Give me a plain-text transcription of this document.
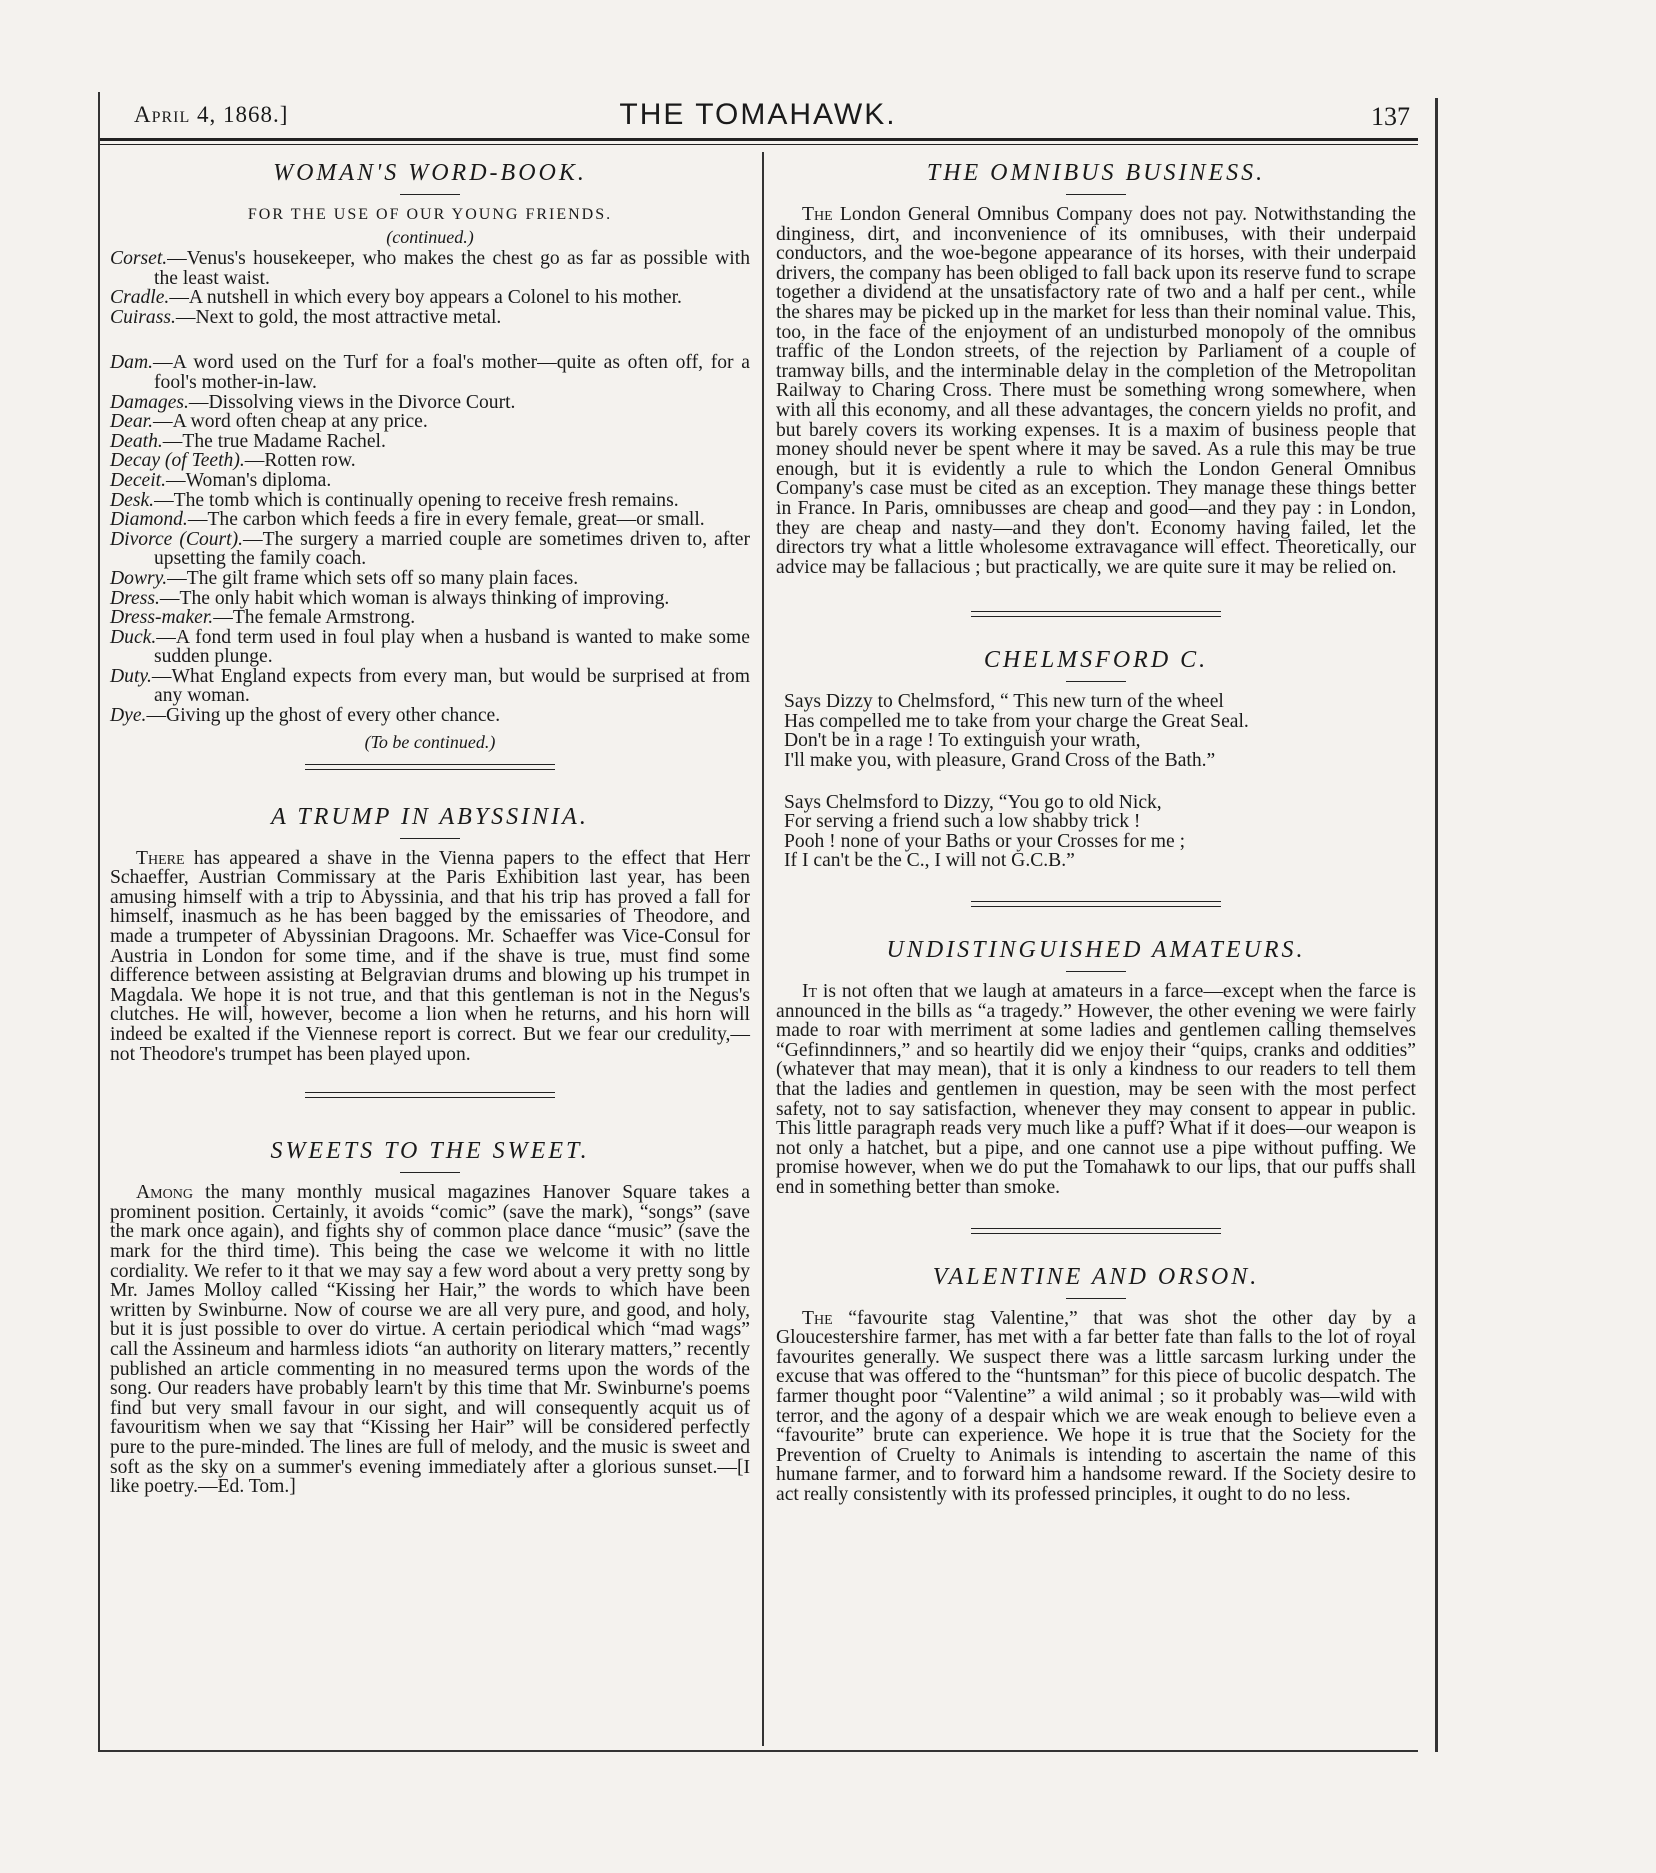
April 4, 1868.]	THE TOMAHAWK.	137
WOMAN'S WORD-BOOK.
FOR THE USE OF OUR YOUNG FRIENDS.
(continued.)
Corset.—Venus's housekeeper, who makes the chest go as far as possible with the least waist.
Cradle.—A nutshell in which every boy appears a Colonel to his mother.
Cuirass.—Next to gold, the most attractive metal.
Dam.—A word used on the Turf for a foal's mother—quite as often off, for a fool's mother-in-law.
Damages.—Dissolving views in the Divorce Court.
Dear.—A word often cheap at any price.
Death.—The true Madame Rachel.
Decay (of Teeth).—Rotten row.
Deceit.—Woman's diploma.
Desk.—The tomb which is continually opening to receive fresh remains.
Diamond.—The carbon which feeds a fire in every female, great—or small.
Divorce (Court).—The surgery a married couple are sometimes driven to, after upsetting the family coach.
Dowry.—The gilt frame which sets off so many plain faces.
Dress.—The only habit which woman is always thinking of improving.
Dress-maker.—The female Armstrong.
Duck.—A fond term used in foul play when a husband is wanted to make some sudden plunge.
Duty.—What England expects from every man, but would be surprised at from any woman.
Dye.—Giving up the ghost of every other chance.
(To be continued.)
A TRUMP IN ABYSSINIA.

There has appeared a shave in the Vienna papers to the effect that Herr Schaeffer, Austrian Commissary at the Paris Exhibition last year, has been amusing himself with a trip to Abyssinia, and that his trip has proved a fall for himself, inasmuch as he has been bagged by the emissaries of Theodore, and made a trumpeter of Abyssinian Dragoons. Mr. Schaeffer was Vice-Consul for Austria in London for some time, and if the shave is true, must find some difference between assisting at Belgravian drums and blowing up his trumpet in Magdala. We hope it is not true, and that this gentleman is not in the Negus's clutches. He will, however, become a lion when he returns, and his horn will indeed be exalted if the Viennese report is correct. But we fear our credulity,—not Theodore's trumpet has been played upon.

SWEETS TO THE SWEET.

Among the many monthly musical magazines Hanover Square takes a prominent position. Certainly, it avoids “comic” (save the mark), “songs” (save the mark once again), and fights shy of common place dance “music” (save the mark for the third time). This being the case we welcome it with no little cordiality. We refer to it that we may say a few word about a very pretty song by Mr. James Molloy called “Kissing her Hair,” the words to which have been written by Swinburne. Now of course we are all very pure, and good, and holy, but it is just possible to over do virtue. A certain periodical which “mad wags” call the Assineum and harmless idiots “an authority on literary matters,” recently published an article commenting in no measured terms upon the words of the song. Our readers have probably learn't by this time that Mr. Swinburne's poems find but very small favour in our sight, and will consequently acquit us of favouritism when we say that “Kissing her Hair” will be considered perfectly pure to the pure-minded. The lines are full of melody, and the music is sweet and soft as the sky on a summer's evening immediately after a glorious sunset.—[I like poetry.—Ed. Tom.]

THE OMNIBUS BUSINESS.

The London General Omnibus Company does not pay. Notwithstanding the dinginess, dirt, and inconvenience of its omnibuses, with their underpaid conductors, and the woe-begone appearance of its horses, with their underpaid drivers, the company has been obliged to fall back upon its reserve fund to scrape together a dividend at the unsatisfactory rate of two and a half per cent., while the shares may be picked up in the market for less than their nominal value. This, too, in the face of the enjoyment of an undisturbed monopoly of the omnibus traffic of the London streets, of the rejection by Parliament of a couple of tramway bills, and the interminable delay in the completion of the Metropolitan Railway to Charing Cross. There must be something wrong somewhere, when with all this economy, and all these advantages, the concern yields no profit, and but barely covers its working expenses. It is a maxim of business people that money should never be spent where it may be saved. As a rule this may be true enough, but it is evidently a rule to which the London General Omnibus Company's case must be cited as an exception. They manage these things better in France. In Paris, omnibusses are cheap and good—and they pay : in London, they are cheap and nasty—and they don't. Economy having failed, let the directors try what a little wholesome extravagance will effect. Theoretically, our advice may be fallacious ; but practically, we are quite sure it may be relied on.

CHELMSFORD C.
Says Dizzy to Chelmsford, “ This new turn of the wheel
Has compelled me to take from your charge the Great Seal.
Don't be in a rage ! To extinguish your wrath,
I'll make you, with pleasure, Grand Cross of the Bath.”
Says Chelmsford to Dizzy, “You go to old Nick,
For serving a friend such a low shabby trick !
Pooh ! none of your Baths or your Crosses for me ;
If I can't be the C., I will not G.C.B.”
UNDISTINGUISHED AMATEURS.

It is not often that we laugh at amateurs in a farce—except when the farce is announced in the bills as “a tragedy.” However, the other evening we were fairly made to roar with merriment at some ladies and gentlemen calling themselves “Gefinndinners,” and so heartily did we enjoy their “quips, cranks and oddities” (whatever that may mean), that it is only a kindness to our readers to tell them that the ladies and gentlemen in question, may be seen with the most perfect safety, not to say satisfaction, whenever they may consent to appear in public. This little paragraph reads very much like a puff? What if it does—our weapon is not only a hatchet, but a pipe, and one cannot use a pipe without puffing. We promise however, when we do put the Tomahawk to our lips, that our puffs shall end in something better than smoke.

VALENTINE AND ORSON.

The “favourite stag Valentine,” that was shot the other day by a Gloucestershire farmer, has met with a far better fate than falls to the lot of royal favourites generally. We suspect there was a little sarcasm lurking under the excuse that was offered to the “huntsman” for this piece of bucolic despatch. The farmer thought poor “Valentine” a wild animal ; so it probably was—wild with terror, and the agony of a despair which we are weak enough to believe even a “favourite” brute can experience. We hope it is true that the Society for the Prevention of Cruelty to Animals is intending to ascertain the name of this humane farmer, and to forward him a handsome reward. If the Society desire to act really consistently with its professed principles, it ought to do no less.
